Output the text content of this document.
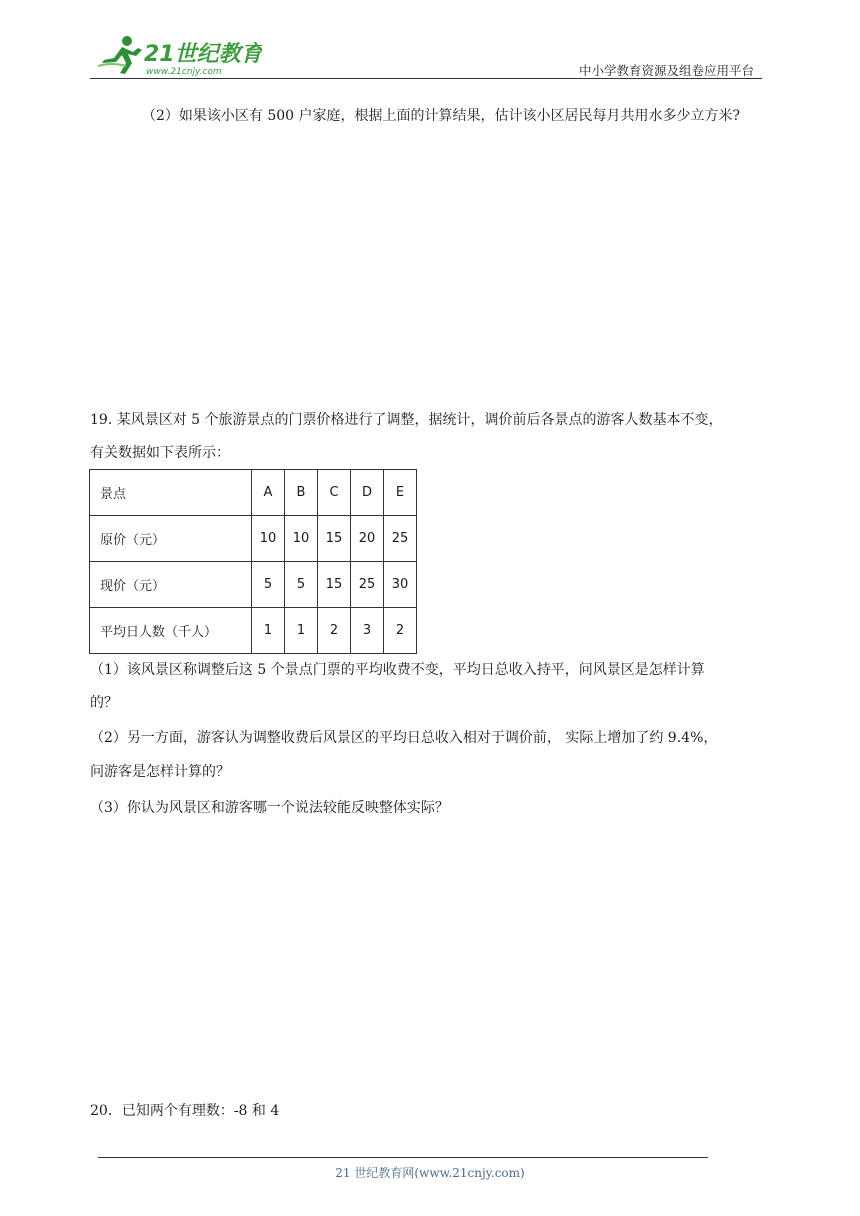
21世纪教育
www.21cnjy.com	中小学教育资源及组卷应用平台
（2）如果该小区有 500 户家庭，根据上面的计算结果，估计该小区居民每月共用水多少立方米?
19. 某风景区对 5 个旅游景点的门票价格进行了调整，据统计，调价前后各景点的游客人数基本不变，
有关数据如下表所示：
景点	A	B	C	D	E
原价（元）	10	10	15	20	25
现价（元）	5	5	15	25	30
平均日人数（千人）	1	1	2	3	2
（1）该风景区称调整后这 5 个景点门票的平均收费不变，平均日总收入持平，问风景区是怎样计算
的？
（2）另一方面，游客认为调整收费后风景区的平均日总收入相对于调价前， 实际上增加了约 9.4%，
问游客是怎样计算的？
（3）你认为风景区和游客哪一个说法较能反映整体实际？
20．已知两个有理数：-8 和 4
21 世纪教育网(www.21cnjy.com)
